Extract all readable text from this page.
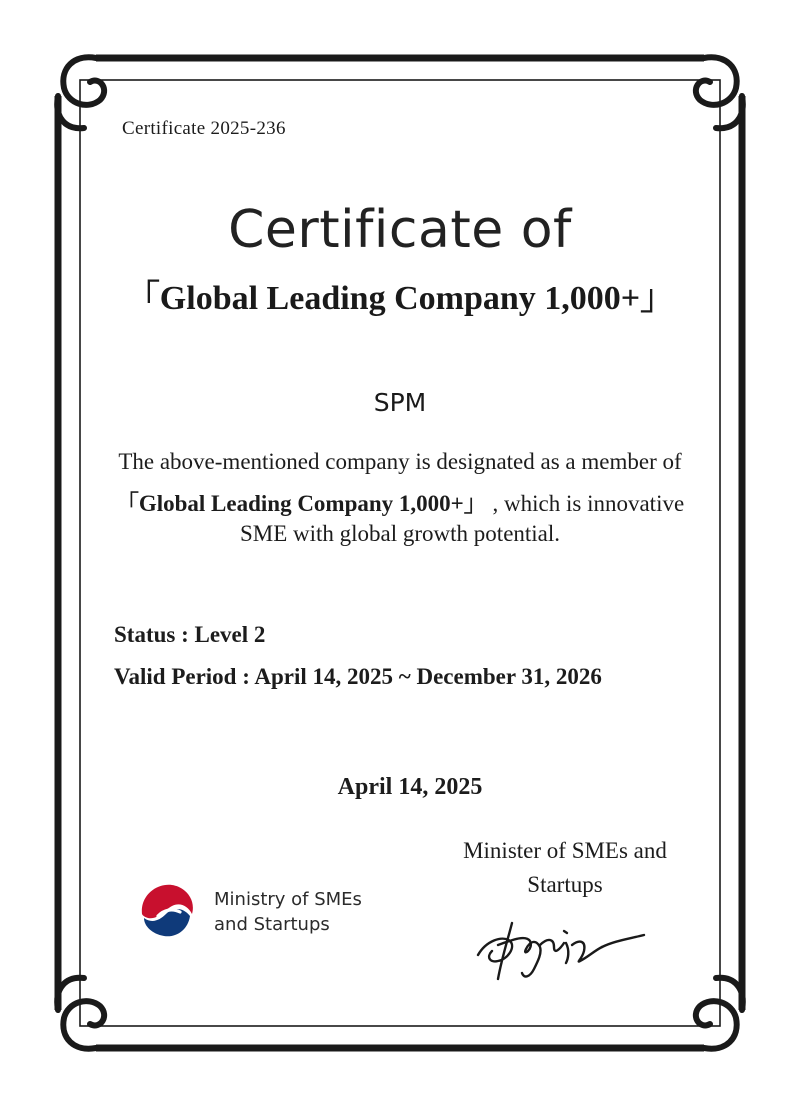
Certificate 2025-236
Certificate of
「Global Leading Company 1,000+」
SPM
The above-mentioned company is designated as a member of
「Global Leading Company 1,000+」 , which is innovative
SME with global growth potential.
Status : Level 2
Valid Period : April 14, 2025 ~ December 31, 2026
April 14, 2025
Minister of SMEs and
Startups
Ministry of SMEs
and Startups
